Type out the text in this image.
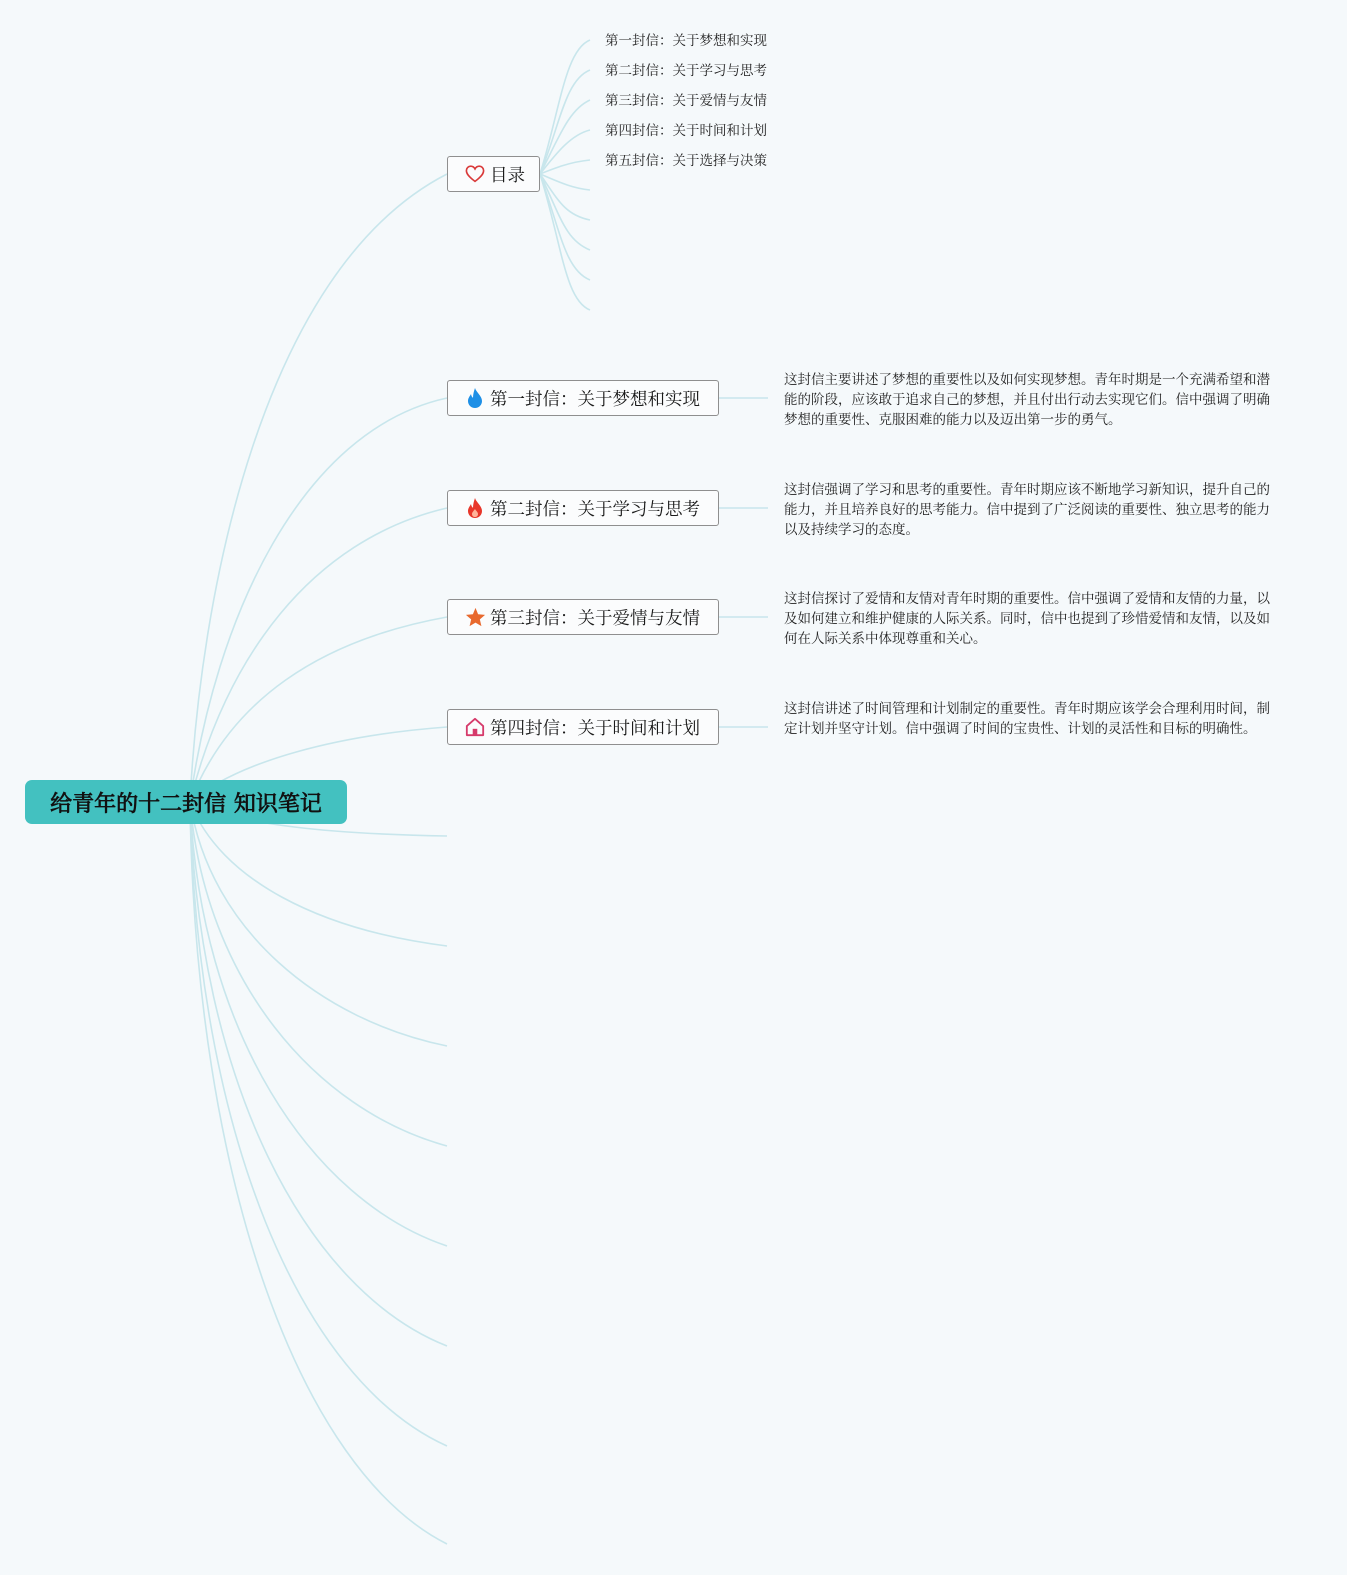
给青年的十二封信 知识笔记
目录
第一封信：关于梦想和实现
第二封信：关于学习与思考
第三封信：关于爱情与友情
第四封信：关于时间和计划
第五封信：关于选择与决策
第一封信：关于梦想和实现
这封信主要讲述了梦想的重要性以及如何实现梦想。青年时期是一个充满希望和潜能的阶段，应该敢于追求自己的梦想，并且付出行动去实现它们。信中强调了明确梦想的重要性、克服困难的能力以及迈出第一步的勇气。
第二封信：关于学习与思考
这封信强调了学习和思考的重要性。青年时期应该不断地学习新知识，提升自己的能力，并且培养良好的思考能力。信中提到了广泛阅读的重要性、独立思考的能力以及持续学习的态度。
第三封信：关于爱情与友情
这封信探讨了爱情和友情对青年时期的重要性。信中强调了爱情和友情的力量，以及如何建立和维护健康的人际关系。同时，信中也提到了珍惜爱情和友情，以及如何在人际关系中体现尊重和关心。
第四封信：关于时间和计划
这封信讲述了时间管理和计划制定的重要性。青年时期应该学会合理利用时间，制定计划并坚守计划。信中强调了时间的宝贵性、计划的灵活性和目标的明确性。
